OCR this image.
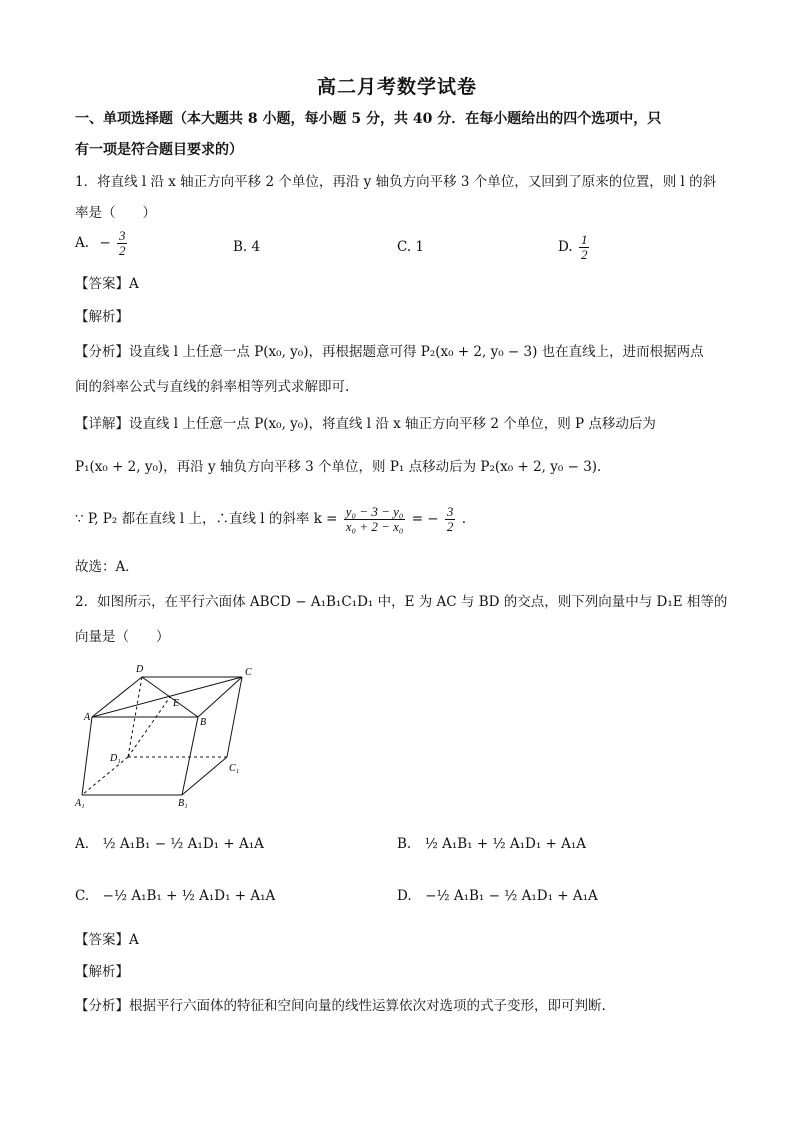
高二月考数学试卷
一、单项选择题（本大题共 8 小题，每小题 5 分，共 40 分．在每小题给出的四个选项中，只
有一项是符合题目要求的）
1．将直线 l 沿 x 轴正方向平移 2 个单位，再沿 y 轴负方向平移 3 个单位，又回到了原来的位置，则 l 的斜
率是（　　）
A. − $\frac{3}{2}$	B. 4	C. 1	D. $\frac{1}{2}$
【答案】A
【解析】
【分析】设直线 l 上任意一点 P(x₀, y₀)，再根据题意可得 P₂(x₀ + 2, y₀ − 3) 也在直线上，进而根据两点
间的斜率公式与直线的斜率相等列式求解即可.
【详解】设直线 l 上任意一点 P(x₀, y₀)，将直线 l 沿 x 轴正方向平移 2 个单位，则 P 点移动后为
P₁(x₀ + 2, y₀)，再沿 y 轴负方向平移 3 个单位，则 P₁ 点移动后为 P₂(x₀ + 2, y₀ − 3)．
∵ P, P₂ 都在直线 l 上，∴直线 l 的斜率 $k = \frac{\text{y₀ − 3 − y₀}}{\text{x₀ + 2 − x₀}}$ = − $\frac{3}{2}$ .
故选：A．
2．如图所示，在平行六面体 ABCD − A₁B₁C₁D₁ 中，E 为 AC 与 BD 的交点，则下列向量中与 D₁E 相等的
向量是（　　）
D	C
A
E
B
D₁
C₁
A₁	B₁
A.　½ A₁B₁ − ½ A₁D₁ + A₁A	B.　½ A₁B₁ + ½ A₁D₁ + A₁A
C.　−½ A₁B₁ + ½ A₁D₁ + A₁A	D.　−½ A₁B₁ − ½ A₁D₁ + A₁A
【答案】A
【解析】
【分析】根据平行六面体的特征和空间向量的线性运算依次对选项的式子变形，即可判断.
